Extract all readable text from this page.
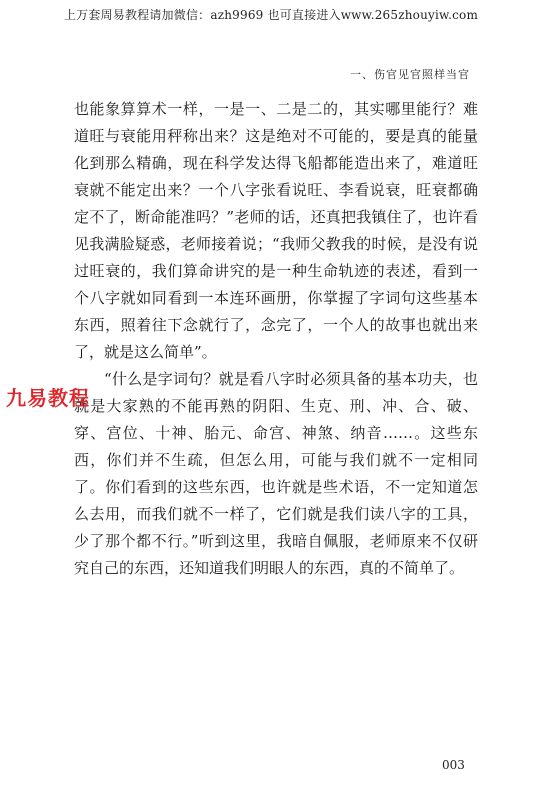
上万套周易教程请加微信：azh9969 也可直接进入www.265zhouyiw.com
一、伤官见官照样当官

也能象算算术一样，一是一、二是二的，其实哪里能行？难道旺与衰能用秤称出来？这是绝对不可能的，要是真的能量化到那么精确，现在科学发达得飞船都能造出来了，难道旺衰就不能定出来？一个八字张看说旺、李看说衰，旺衰都确定不了，断命能准吗？”老师的话，还真把我镇住了，也许看见我满脸疑惑，老师接着说；“我师父教我的时候，是没有说过旺衰的，我们算命讲究的是一种生命轨迹的表述，看到一个八字就如同看到一本连环画册，你掌握了字词句这些基本东西，照着往下念就行了，念完了，一个人的故事也就出来了，就是这么简单”。

“什么是字词句？就是看八字时必须具备的基本功夫，也就是大家熟的不能再熟的阴阳、生克、刑、冲、合、破、穿、宫位、十神、胎元、命宫、神煞、纳音……。这些东西，你们并不生疏，但怎么用，可能与我们就不一定相同了。你们看到的这些东西，也许就是些术语，不一定知道怎么去用，而我们就不一样了，它们就是我们读八字的工具，少了那个都不行。”听到这里，我暗自佩服，老师原来不仅研究自己的东西，还知道我们明眼人的东西，真的不简单了。

九易教程
003
